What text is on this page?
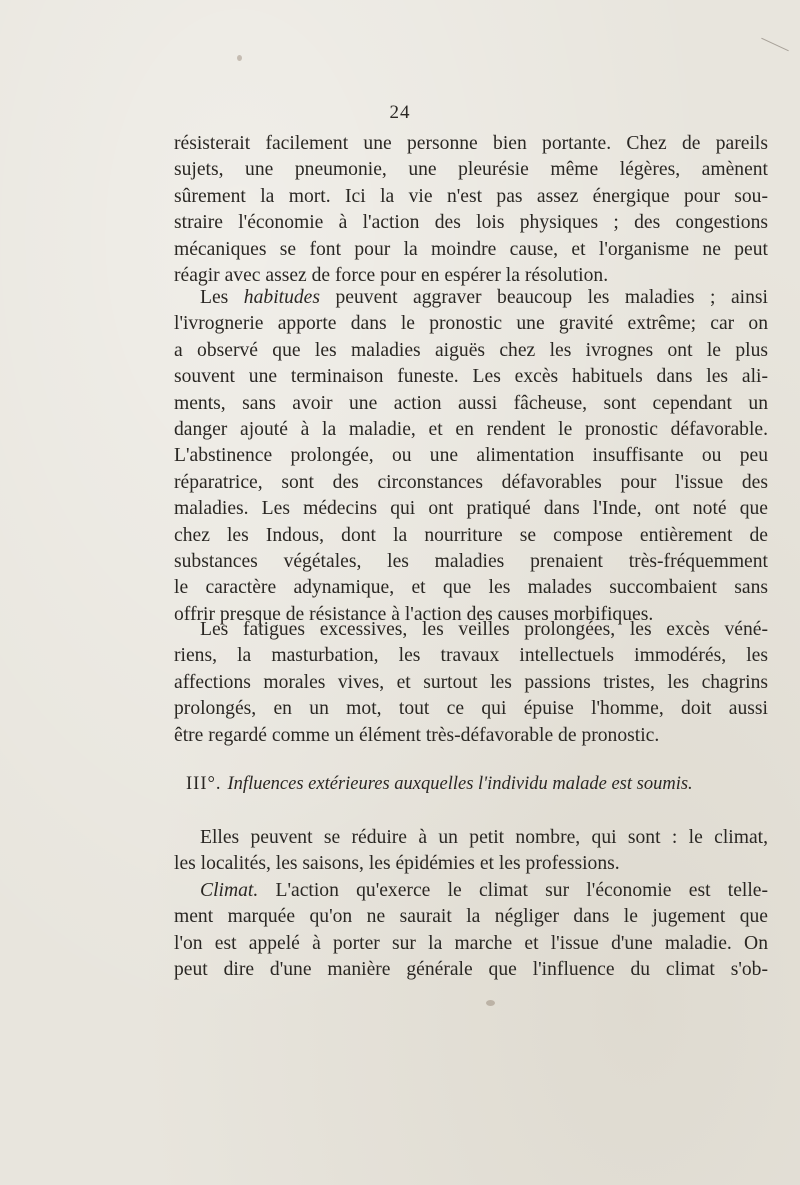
24

résisterait facilement une personne bien portante. Chez de pareils

sujets, une pneumonie, une pleurésie même légères, amènent

sûrement la mort. Ici la vie n'est pas assez énergique pour sou-

straire l'économie à l'action des lois physiques ; des congestions

mécaniques se font pour la moindre cause, et l'organisme ne peut

réagir avec assez de force pour en espérer la résolution.

Les habitudes peuvent aggraver beaucoup les maladies ; ainsi

l'ivrognerie apporte dans le pronostic une gravité extrême; car on

a observé que les maladies aiguës chez les ivrognes ont le plus

souvent une terminaison funeste. Les excès habituels dans les ali-

ments, sans avoir une action aussi fâcheuse, sont cependant un

danger ajouté à la maladie, et en rendent le pronostic défavorable.

L'abstinence prolongée, ou une alimentation insuffisante ou peu

réparatrice, sont des circonstances défavorables pour l'issue des

maladies. Les médecins qui ont pratiqué dans l'Inde, ont noté que

chez les Indous, dont la nourriture se compose entièrement de

substances végétales, les maladies prenaient très-fréquemment

le caractère adynamique, et que les malades succombaient sans

offrir presque de résistance à l'action des causes morbifiques.

Les fatigues excessives, les veilles prolongées, les excès véné-

riens, la masturbation, les travaux intellectuels immodérés, les

affections morales vives, et surtout les passions tristes, les chagrins

prolongés, en un mot, tout ce qui épuise l'homme, doit aussi

être regardé comme un élément très-défavorable de pronostic.

III°. Influences extérieures auxquelles l'individu malade est soumis.

Elles peuvent se réduire à un petit nombre, qui sont : le climat,

les localités, les saisons, les épidémies et les professions.

Climat. L'action qu'exerce le climat sur l'économie est telle-

ment marquée qu'on ne saurait la négliger dans le jugement que

l'on est appelé à porter sur la marche et l'issue d'une maladie. On

peut dire d'une manière générale que l'influence du climat s'ob-
